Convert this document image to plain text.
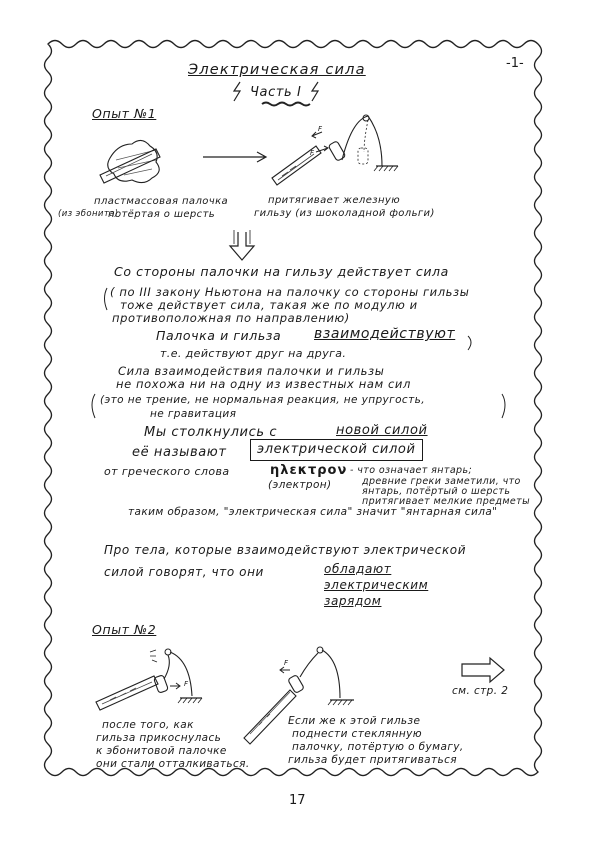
-1-
17
Электрическая сила
Часть I
Опыт №1
пластмассовая палочка
(из эбонита)
потёртая о шерсть
притягивает железную
гильзу (из шоколадной фольги)
F
F
Со стороны палочки на гильзу действует сила
( по III закону Ньютона на палочку со стороны гильзы
тоже действует сила, такая же по модулю и
противоположная по направлению)
Палочка и гильза взаимодействуют
т.е. действуют друг на друга.
Сила взаимодействия палочки и гильзы
не похожа ни на одну из известных нам сил
(это не трение, не нормальная реакция, не упругость,
не гравитация
Мы столкнулись с	новой силой
её называют	электрической силой
ηλεκτρον
(электрон)
от греческого слова	- что означает янтарь;
древние греки заметили, что
янтарь, потёртый о шерсть
притягивает мелкие предметы
таким образом, "электрическая сила" значит "янтарная сила"
Про тела, которые взаимодействуют электрической
силой говорят, что они	обладают
электрическим
зарядом
Опыт №2
F
F
см. стр. 2
после того, как
гильза прикоснулась
к эбонитовой палочке
они стали отталкиваться.
Если же к этой гильзе
поднести стеклянную
палочку, потёртую о бумагу,
гильза будет притягиваться
